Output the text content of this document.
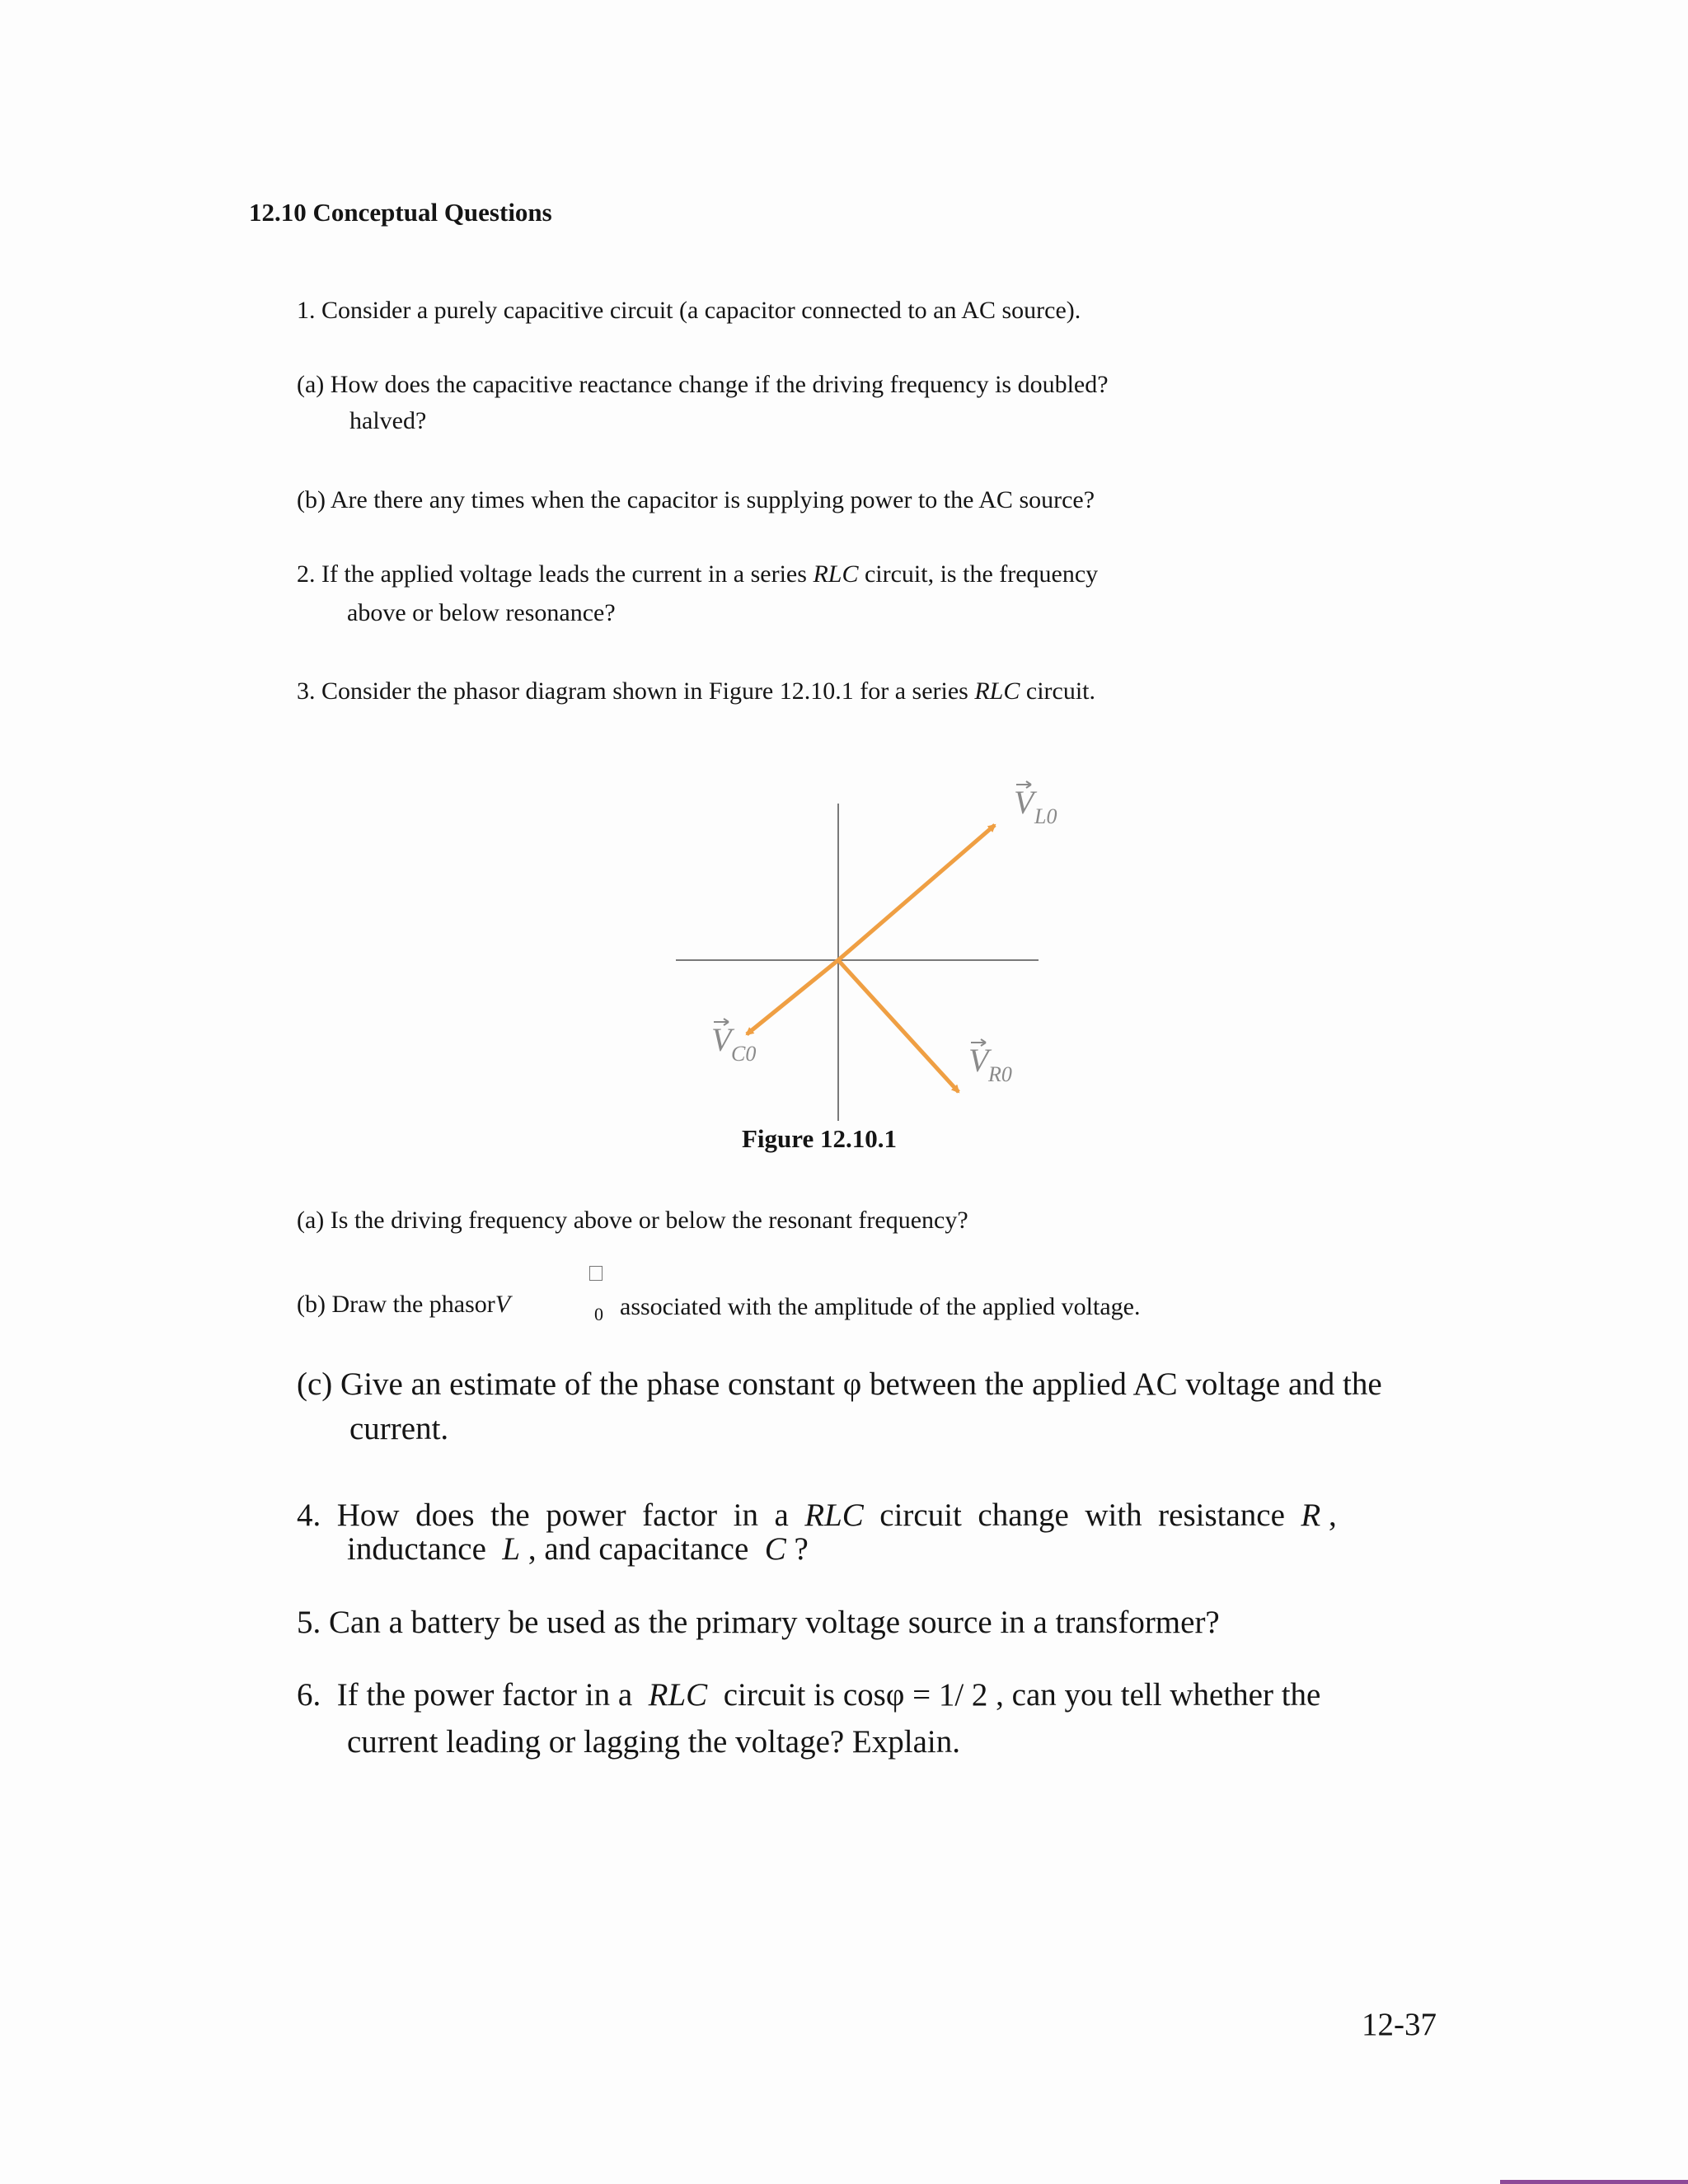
12.10 Conceptual Questions
1. Consider a purely capacitive circuit (a capacitor connected to an AC source).
(a) How does the capacitive reactance change if the driving frequency is doubled?
halved?
(b) Are there any times when the capacitor is supplying power to the AC source?
2. If the applied voltage leads the current in a series RLC circuit, is the frequency
above or below resonance?
3. Consider the phasor diagram shown in Figure 12.10.1 for a series RLC circuit.
V L0
V C0	V R0
Figure 12.10.1
(a) Is the driving frequency above or below the resonant frequency?
(b) Draw the phasorV	0 associated with the amplitude of the applied voltage.
(c) Give an estimate of the phase constant φ between the applied AC voltage and the
current.
4.  How  does  the  power  factor  in  a  RLC  circuit  change  with  resistance  R ,
inductance  L , and capacitance  C ?
5. Can a battery be used as the primary voltage source in a transformer?
6.  If the power factor in a  RLC  circuit is cosφ = 1/ 2 , can you tell whether the
current leading or lagging the voltage? Explain.
12-37
